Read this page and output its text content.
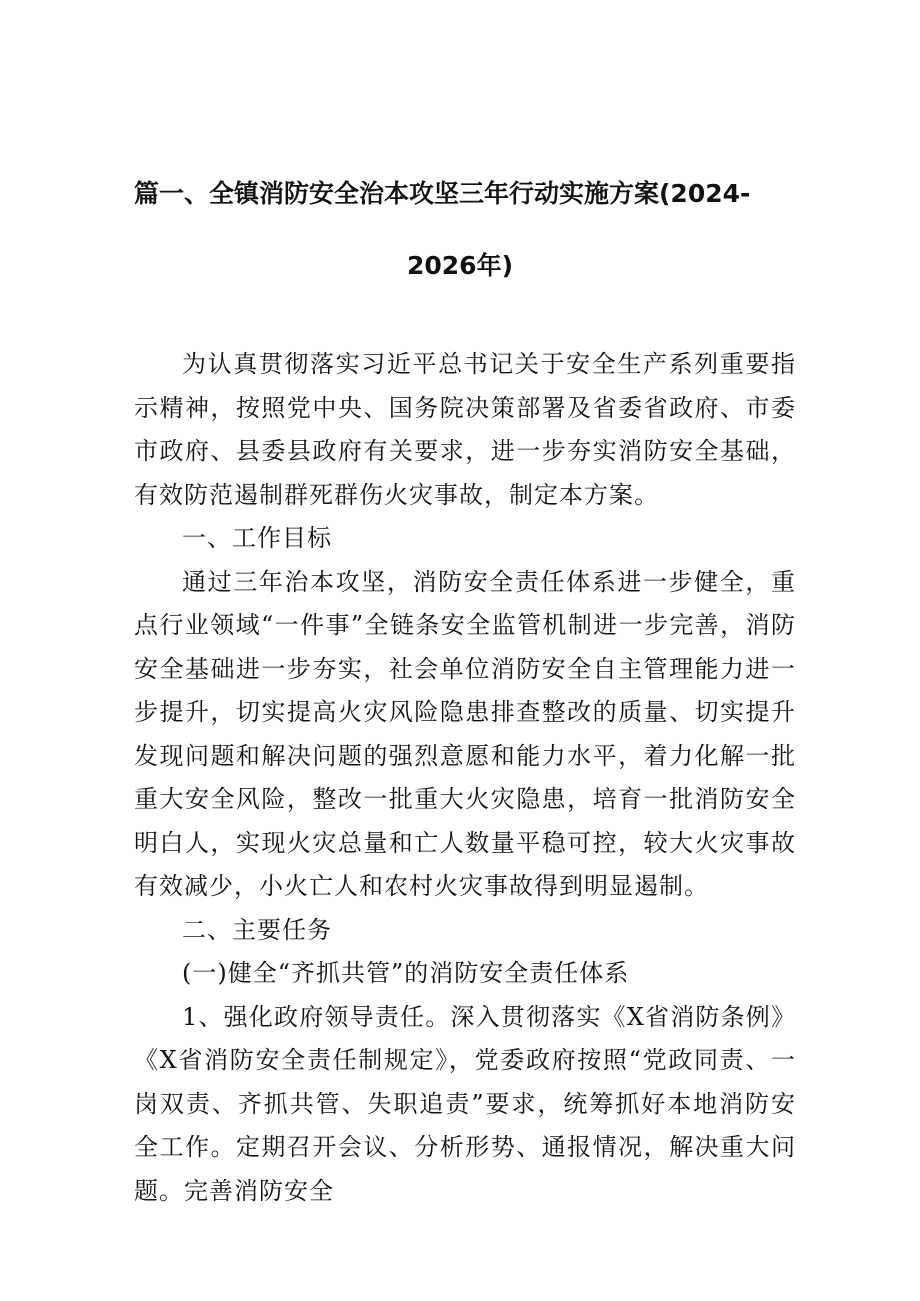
篇一、全镇消防安全治本攻坚三年行动实施方案(2024-
2026年)

为认真贯彻落实习近平总书记关于安全生产系列重要指示精神，按照党中央、国务院决策部署及省委省政府、市委市政府、县委县政府有关要求，进一步夯实消防安全基础，有效防范遏制群死群伤火灾事故，制定本方案。

一、工作目标

通过三年治本攻坚，消防安全责任体系进一步健全，重点行业领域“一件事”全链条安全监管机制进一步完善，消防安全基础进一步夯实，社会单位消防安全自主管理能力进一步提升，切实提高火灾风险隐患排查整改的质量、切实提升发现问题和解决问题的强烈意愿和能力水平，着力化解一批重大安全风险，整改一批重大火灾隐患，培育一批消防安全明白人，实现火灾总量和亡人数量平稳可控，较大火灾事故有效减少，小火亡人和农村火灾事故得到明显遏制。

二、主要任务

(一)健全“齐抓共管”的消防安全责任体系

1、强化政府领导责任。深入贯彻落实《X省消防条例》《X省消防安全责任制规定》，党委政府按照“党政同责、一岗双责、齐抓共管、失职追责”要求，统筹抓好本地消防安全工作。定期召开会议、分析形势、通报情况，解决重大问题。完善消防安全
